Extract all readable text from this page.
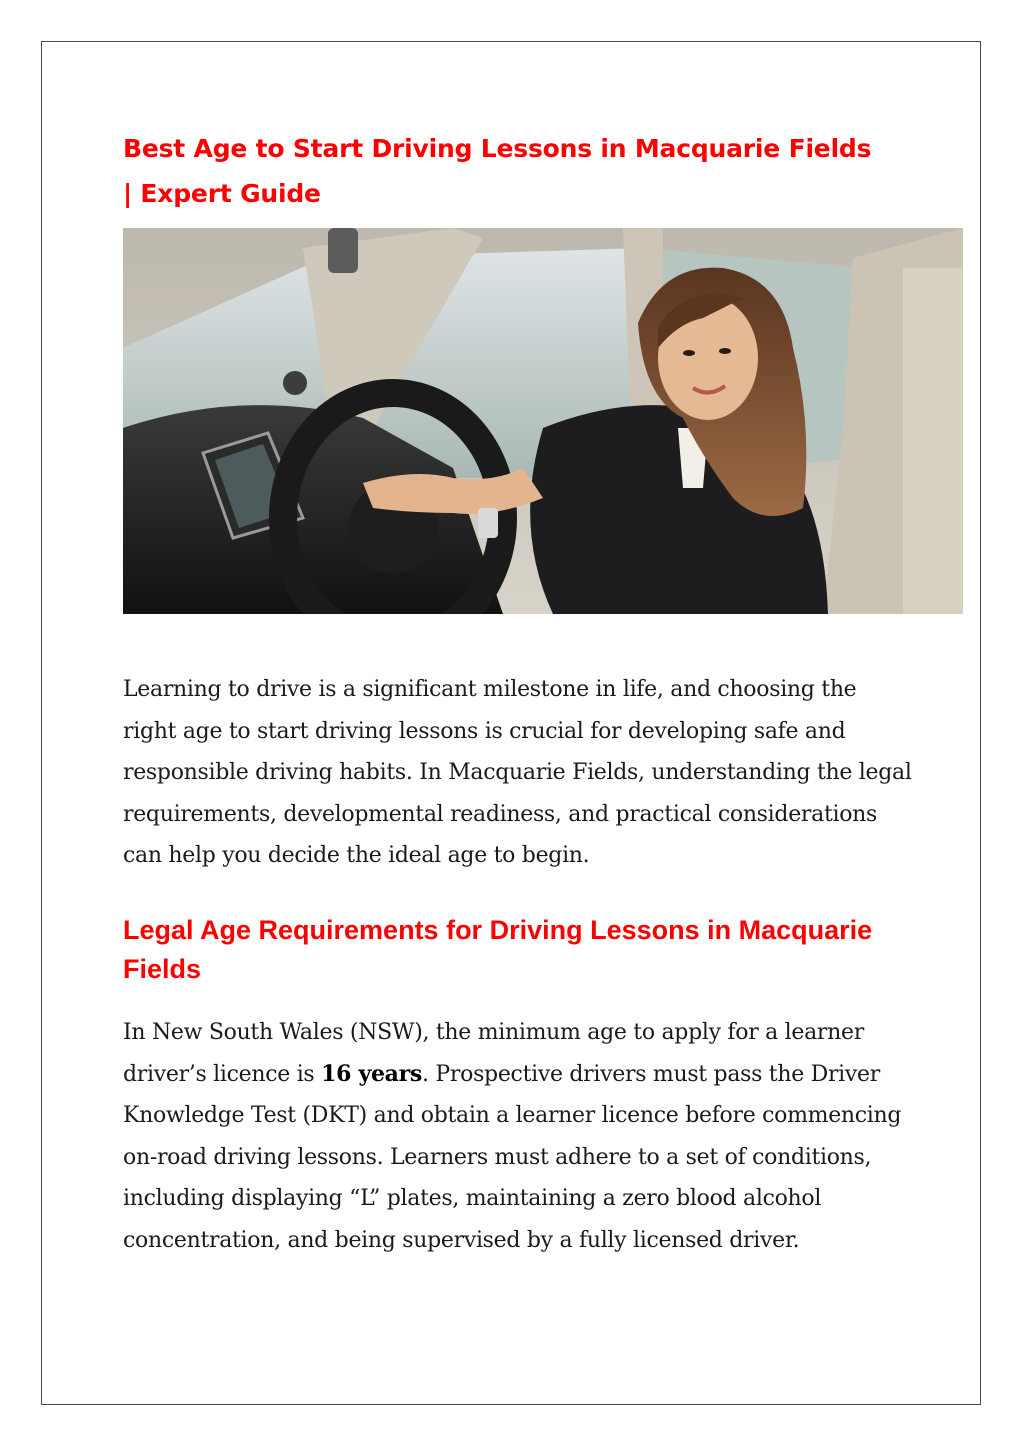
Best Age to Start Driving Lessons in Macquarie Fields
| Expert Guide

Learning to drive is a significant milestone in life, and choosing the right age to start driving lessons is crucial for developing safe and responsible driving habits. In Macquarie Fields, understanding the legal requirements, developmental readiness, and practical considerations can help you decide the ideal age to begin.

Legal Age Requirements for Driving Lessons in Macquarie Fields

In New South Wales (NSW), the minimum age to apply for a learner driver’s licence is 16 years. Prospective drivers must pass the Driver Knowledge Test (DKT) and obtain a learner licence before commencing on-road driving lessons. Learners must adhere to a set of conditions, including displaying “L” plates, maintaining a zero blood alcohol concentration, and being supervised by a fully licensed driver.
